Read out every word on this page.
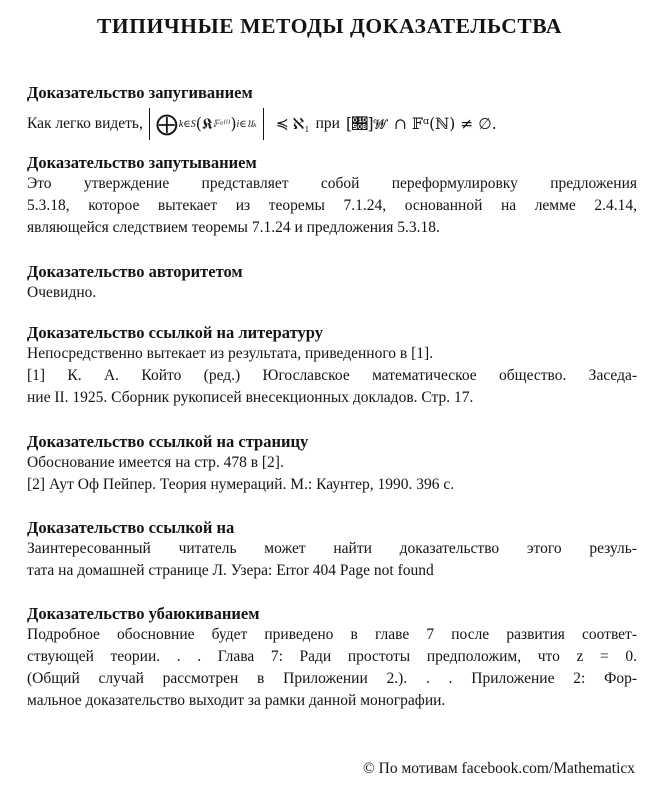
ТИПИЧНЫЕ МЕТОДЫ ДОКАЗАТЕЛЬСТВА
Доказательство запугиванием
Как легко видеть, ⨁ k∈S (𝕶 𝔽ᵅ⁽ⁱ⁾ ) i∈𝔘ₖ ≼ ℵ₁ при [𝔋]𝒲 ∩ 𝔽ᵅ(ℕ) ≠ ∅.
Доказательство запутыванием
Это утверждение представляет собой переформулировку предложения
5.3.18, которое вытекает из теоремы 7.1.24, основанной на лемме 2.4.14,
являющейся следствием теоремы 7.1.24 и предложения 5.3.18.
Доказательство авторитетом
Очевидно.
Доказательство ссылкой на литературу
Непосредственно вытекает из результата, приведенного в [1].
[1] К. А. Който (ред.) Югославское математическое общество. Заседа-
ние II. 1925. Сборник рукописей внесекционных докладов. Стр. 17.
Доказательство ссылкой на страницу
Обоснование имеется на стр. 478 в [2].
[2] Аут Оф Пейпер. Теория нумераций. М.: Каунтер, 1990. 396 с.
Доказательство ссылкой на
Заинтересованный читатель может найти доказательство этого резуль-
тата на домашней странице Л. Узера: Error 404 Page not found
Доказательство убаюкиванием
Подробное обосновние будет приведено в главе 7 после развития соответ-
ствующей теории. . . Глава 7: Ради простоты предположим, что z = 0.
(Общий случай рассмотрен в Приложении 2.). . . Приложение 2: Фор-
мальное доказательство выходит за рамки данной монографии.
© По мотивам facebook.com/Mathematicx
